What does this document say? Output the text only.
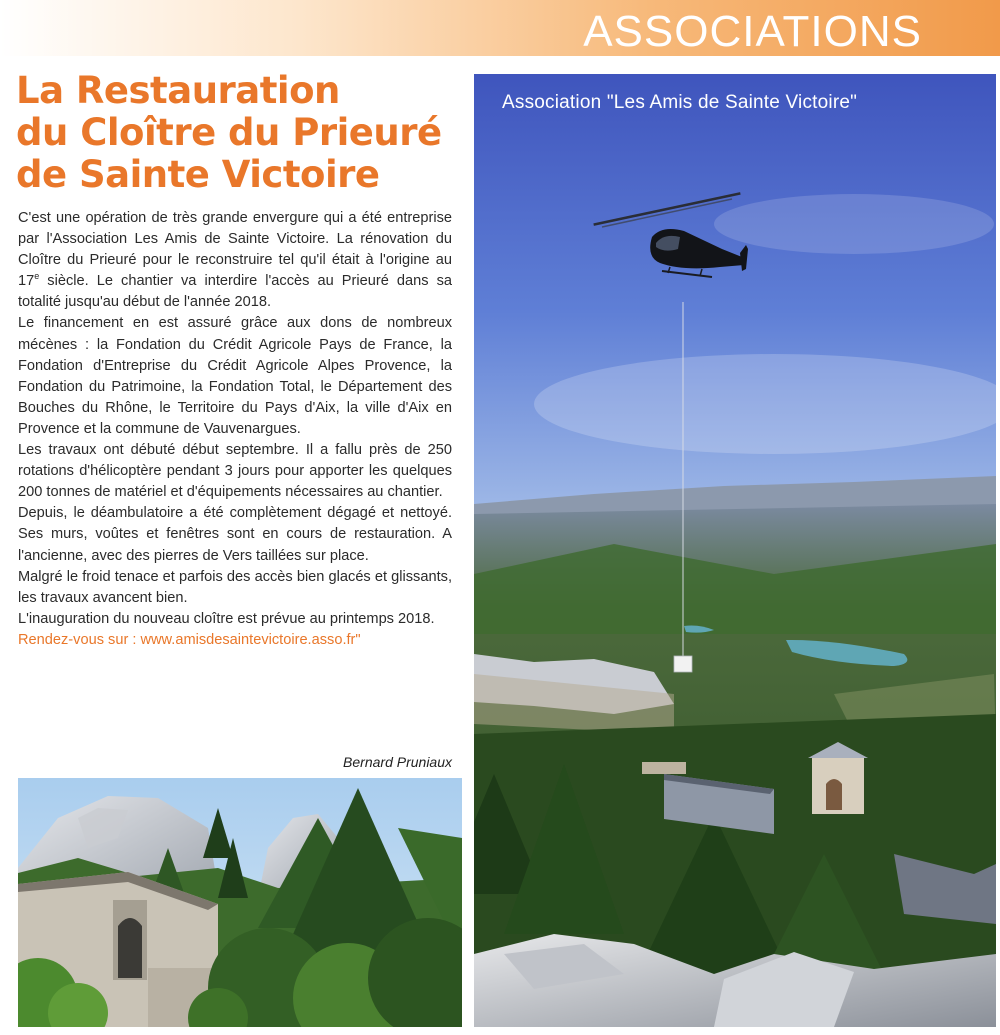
ASSOCIATIONS
La Restauration
du Cloître du Prieuré
de Sainte Victoire

C'est une opération de très grande envergure qui a été entreprise par l'Association Les Amis de Sainte Victoire. La rénovation du Cloître du Prieuré pour le reconstruire tel qu'il était à l'origine au 17e siècle. Le chantier va interdire l'accès au Prieuré dans sa totalité jusqu'au début de l'année 2018.

Le financement en est assuré grâce aux dons de nombreux mécènes : la Fondation du Crédit Agricole Pays de France, la Fondation d'Entreprise du Crédit Agricole Alpes Provence, la Fondation du Patrimoine, la Fondation Total, le Département des Bouches du Rhône, le Territoire du Pays d'Aix, la ville d'Aix en Provence et la commune de Vauvenargues.

Les travaux ont débuté début septembre. Il a fallu près de 250 rotations d'hélicoptère pendant 3 jours pour apporter les quelques 200 tonnes de matériel et d'équipements nécessaires au chantier.

Depuis, le déambulatoire a été complètement dégagé et nettoyé. Ses murs, voûtes et fenêtres sont en cours de restauration. A l'ancienne, avec des pierres de Vers taillées sur place.

Malgré le froid tenace et parfois des accès bien glacés et glissants, les travaux avancent bien.

L'inauguration du nouveau cloître est prévue au printemps 2018.

Rendez-vous sur : www.amisdesaintevictoire.asso.fr"

Bernard Pruniaux
Association "Les Amis de Sainte Victoire"
